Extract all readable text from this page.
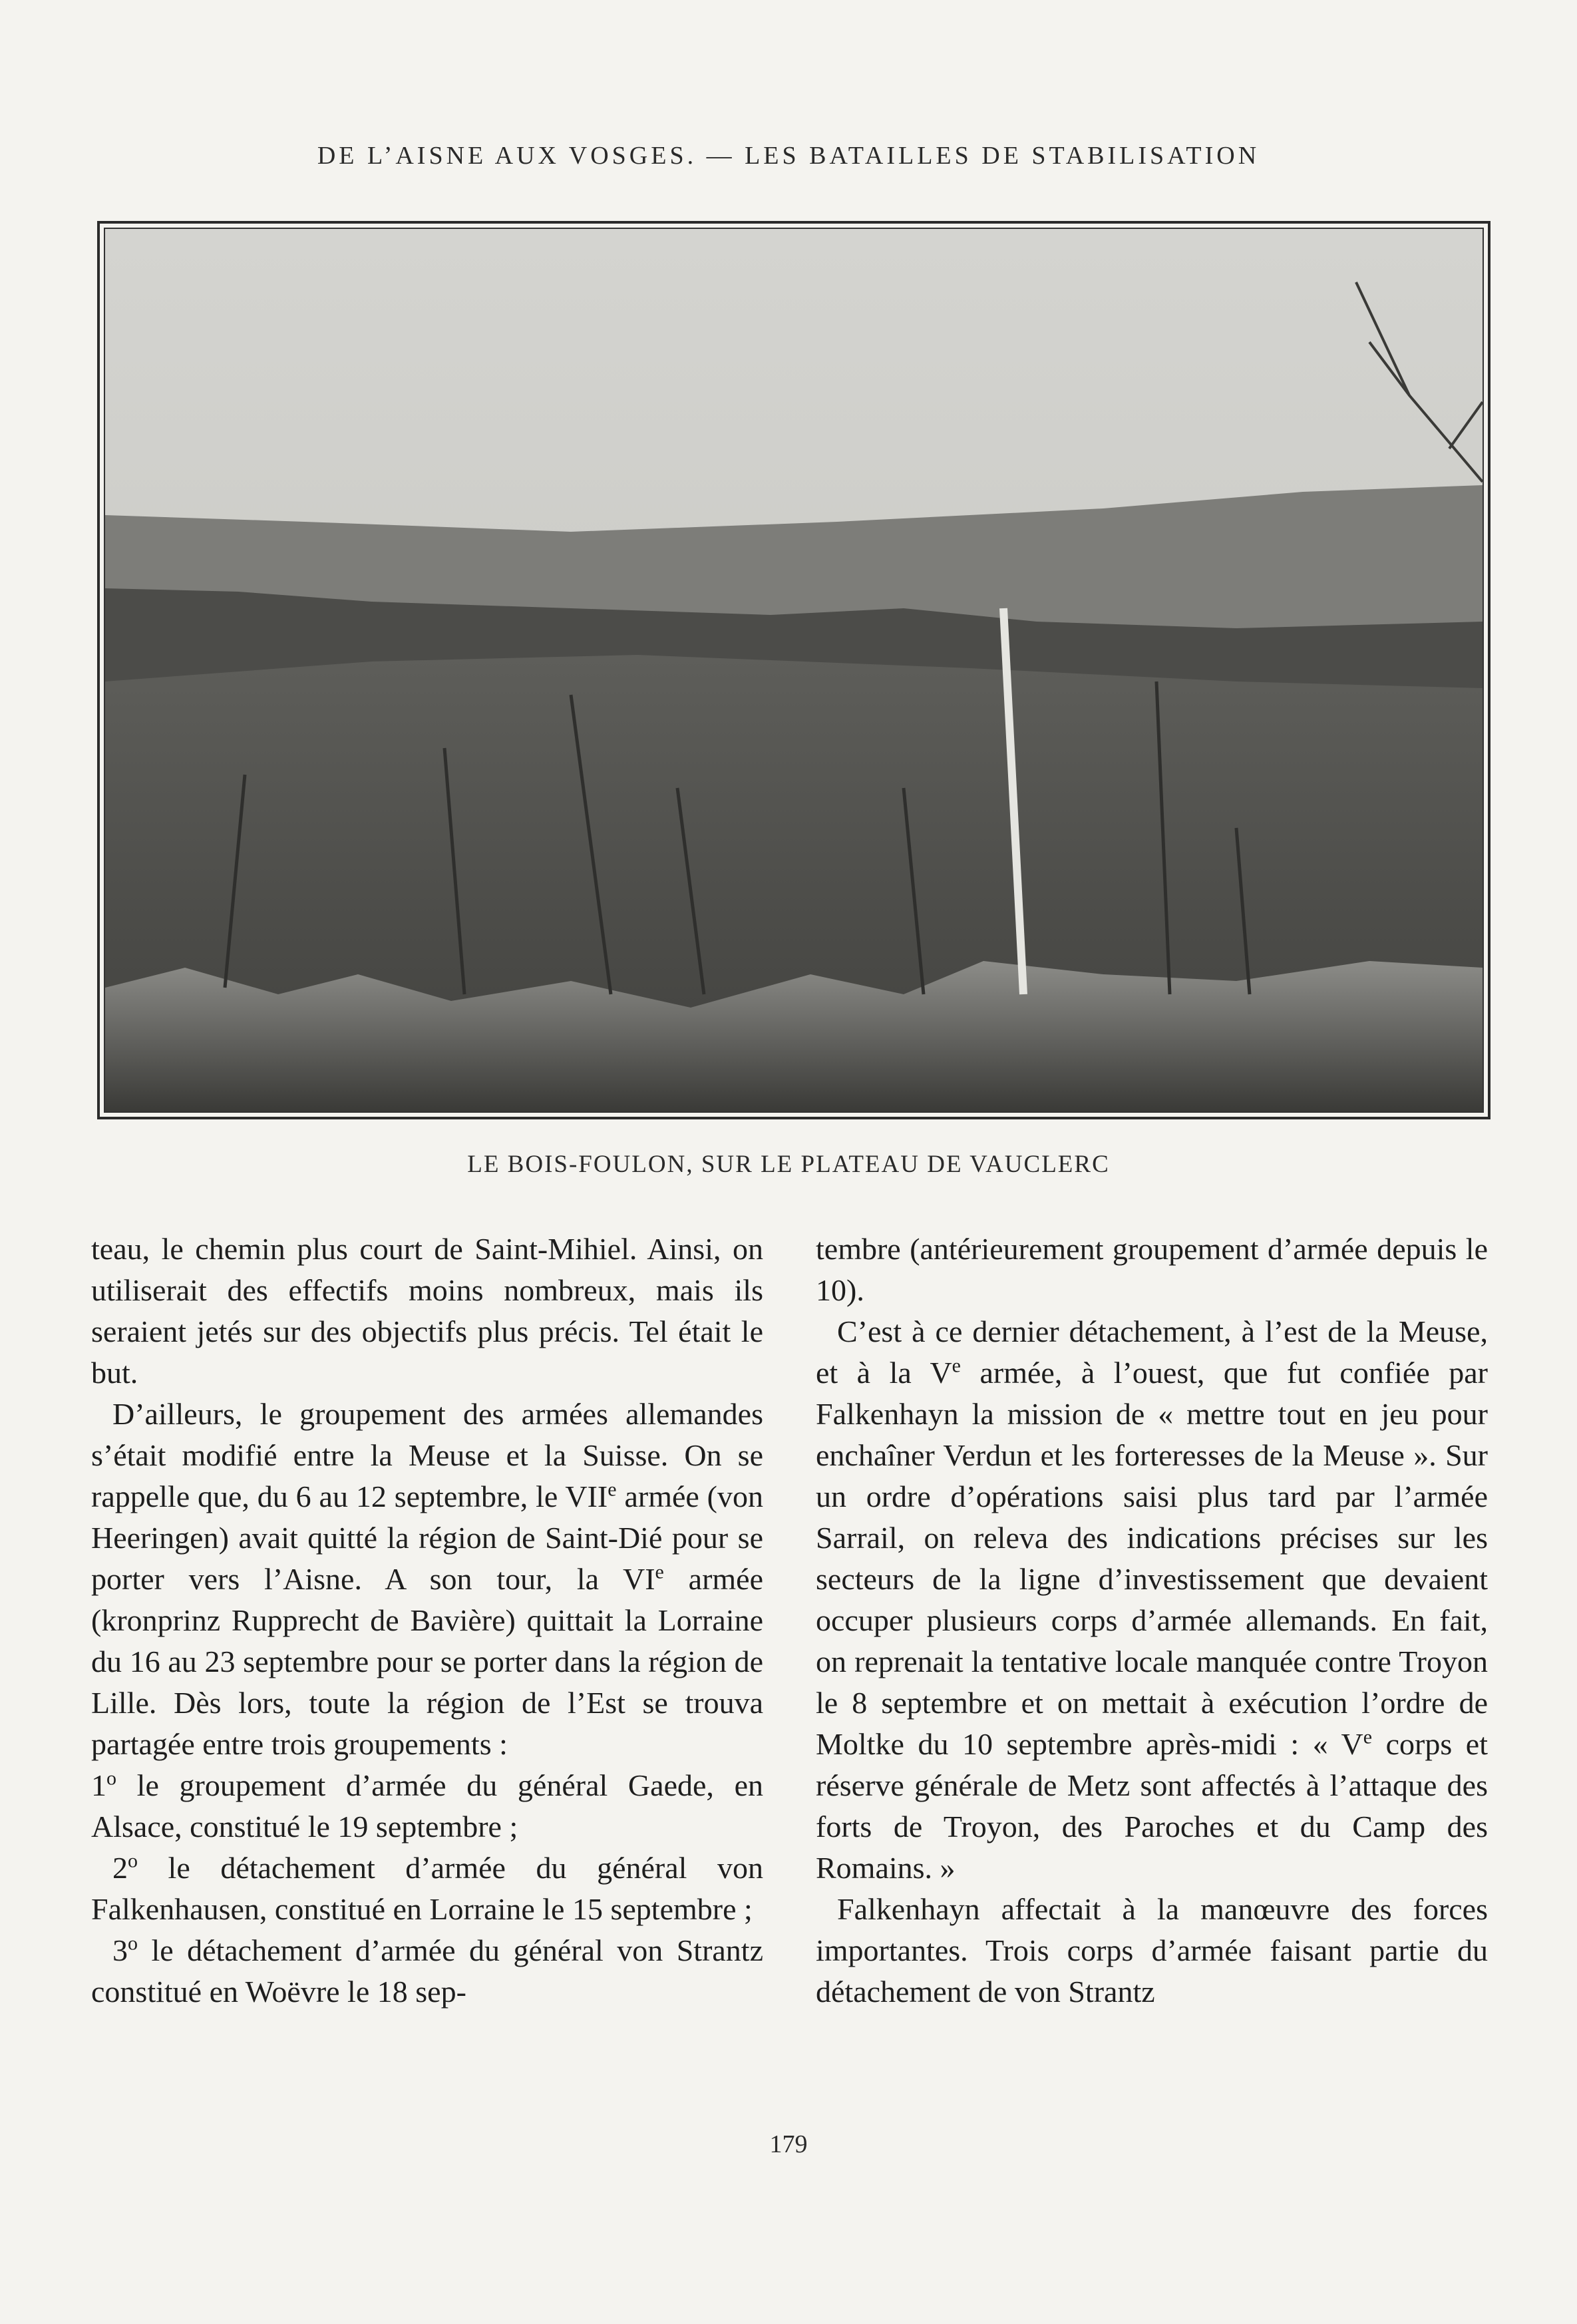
DE L’AISNE AUX VOSGES. — LES BATAILLES DE STABILISATION
LE BOIS-FOULON, SUR LE PLATEAU DE VAUCLERC

teau, le chemin plus court de Saint-Mihiel. Ainsi, on utiliserait des effectifs moins nombreux, mais ils seraient jetés sur des objectifs plus précis. Tel était le but.

D’ailleurs, le groupement des armées allemandes s’était modifié entre la Meuse et la Suisse. On se rappelle que, du 6 au 12 septembre, le VIIe armée (von Heeringen) avait quitté la région de Saint-Dié pour se porter vers l’Aisne. A son tour, la VIe armée (kronprinz Rupprecht de Bavière) quittait la Lorraine du 16 au 23 septembre pour se porter dans la région de Lille. Dès lors, toute la région de l’Est se trouva partagée entre trois groupements :

1$^o$ le groupement d’armée du général Gaede, en Alsace, constitué le 19 septembre ;

2$^o$ le détachement d’armée du général von Falkenhausen, constitué en Lorraine le 15 septembre ;

3$^o$ le détachement d’armée du général von Strantz constitué en Woëvre le 18 sep-

tembre (antérieurement groupement d’armée depuis le 10).

C’est à ce dernier détachement, à l’est de la Meuse, et à la Ve armée, à l’ouest, que fut confiée par Falkenhayn la mission de « mettre tout en jeu pour enchaîner Verdun et les forteresses de la Meuse ». Sur un ordre d’opérations saisi plus tard par l’armée Sarrail, on releva des indications précises sur les secteurs de la ligne d’investissement que devaient occuper plusieurs corps d’armée allemands. En fait, on reprenait la tentative locale manquée contre Troyon le 8 septembre et on mettait à exécution l’ordre de Moltke du 10 septembre après-midi : « Ve corps et réserve générale de Metz sont affectés à l’attaque des forts de Troyon, des Paroches et du Camp des Romains. »

Falkenhayn affectait à la manœuvre des forces importantes. Trois corps d’armée faisant partie du détachement de von Strantz

179
